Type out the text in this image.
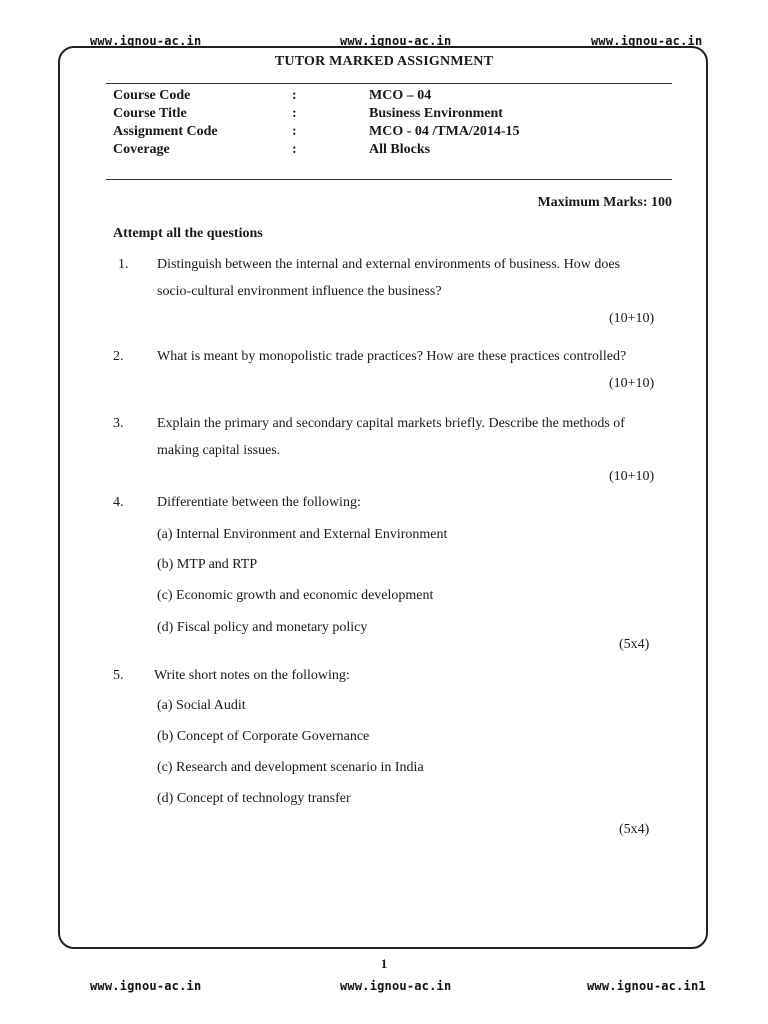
www.ignou-ac.in	www.ignou-ac.in	www.ignou-ac.in
TUTOR MARKED ASSIGNMENT
Course Code	:	MCO – 04
Course Title	:	Business Environment
Assignment Code	:	MCO - 04 /TMA/2014-15
Coverage	:	All Blocks
Maximum Marks: 100
Attempt all the questions
1. Distinguish between the internal and external environments of business. How does
socio-cultural environment influence the business?
(10+10)
2. What is meant by monopolistic trade practices? How are these practices controlled?
(10+10)
3. Explain the primary and secondary capital markets briefly. Describe the methods of
making capital issues.
(10+10)
4. Differentiate between the following:
(a) Internal Environment and External Environment
(b) MTP and RTP
(c) Economic growth and economic development
(d) Fiscal policy and monetary policy
(5x4)
5. Write short notes on the following:
(a) Social Audit
(b) Concept of Corporate Governance
(c) Research and development scenario in India
(d) Concept of technology transfer
(5x4)
1
www.ignou-ac.in	www.ignou-ac.in	www.ignou-ac.in1
